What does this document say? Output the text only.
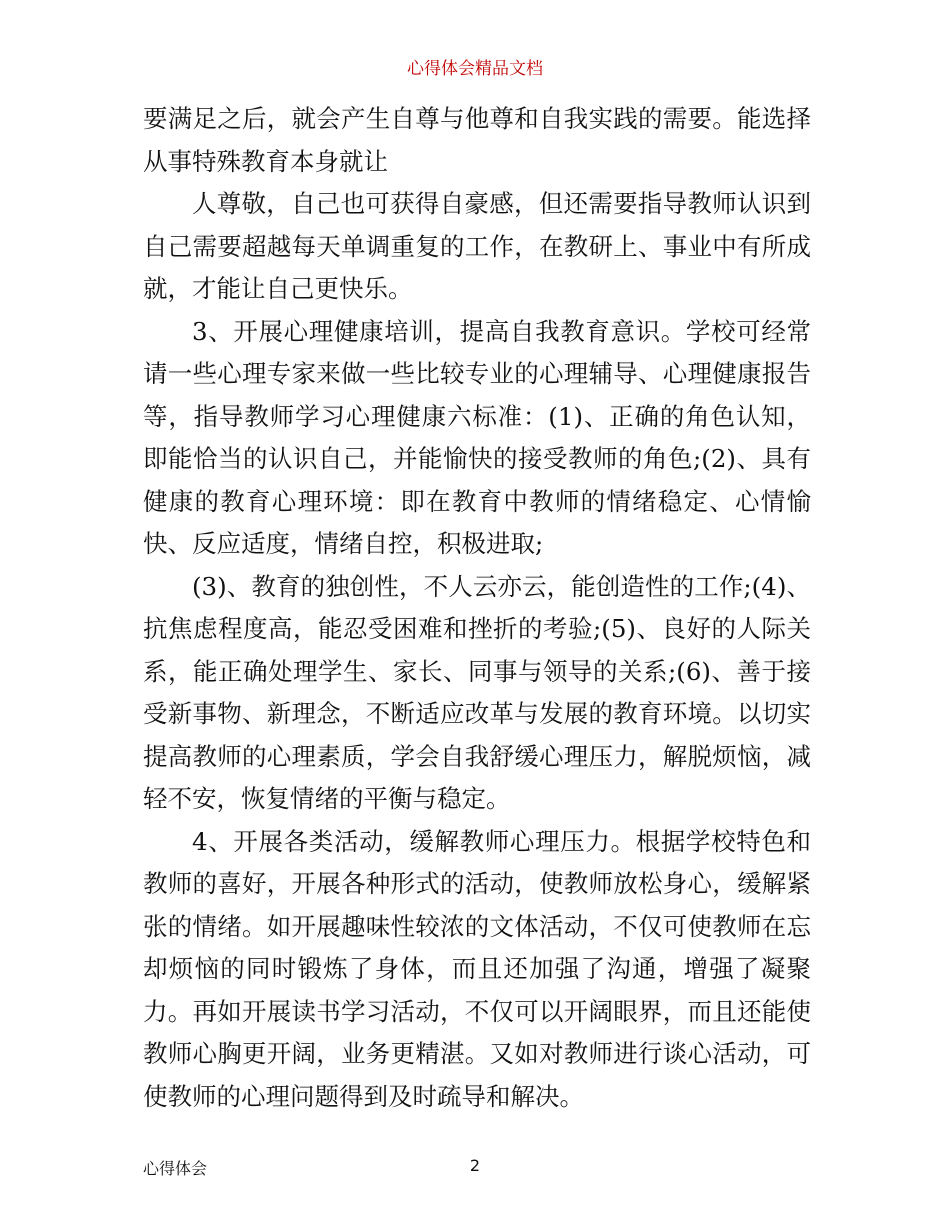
心得体会精品文档

要满足之后，就会产生自尊与他尊和自我实践的需要。能选择从事特殊教育本身就让

人尊敬，自己也可获得自豪感，但还需要指导教师认识到自己需要超越每天单调重复的工作，在教研上、事业中有所成就，才能让自己更快乐。

3、开展心理健康培训，提高自我教育意识。学校可经常请一些心理专家来做一些比较专业的心理辅导、心理健康报告等，指导教师学习心理健康六标准：(1)、正确的角色认知，即能恰当的认识自己，并能愉快的接受教师的角色;(2)、具有健康的教育心理环境：即在教育中教师的情绪稳定、心情愉快、反应适度，情绪自控，积极进取;

(3)、教育的独创性，不人云亦云，能创造性的工作;(4)、抗焦虑程度高，能忍受困难和挫折的考验;(5)、良好的人际关系，能正确处理学生、家长、同事与领导的关系;(6)、善于接受新事物、新理念，不断适应改革与发展的教育环境。以切实提高教师的心理素质，学会自我舒缓心理压力，解脱烦恼，减轻不安，恢复情绪的平衡与稳定。

4、开展各类活动，缓解教师心理压力。根据学校特色和教师的喜好，开展各种形式的活动，使教师放松身心，缓解紧张的情绪。如开展趣味性较浓的文体活动，不仅可使教师在忘却烦恼的同时锻炼了身体，而且还加强了沟通，增强了凝聚力。再如开展读书学习活动，不仅可以开阔眼界，而且还能使教师心胸更开阔，业务更精湛。又如对教师进行谈心活动，可使教师的心理问题得到及时疏导和解决。

心得体会	2
